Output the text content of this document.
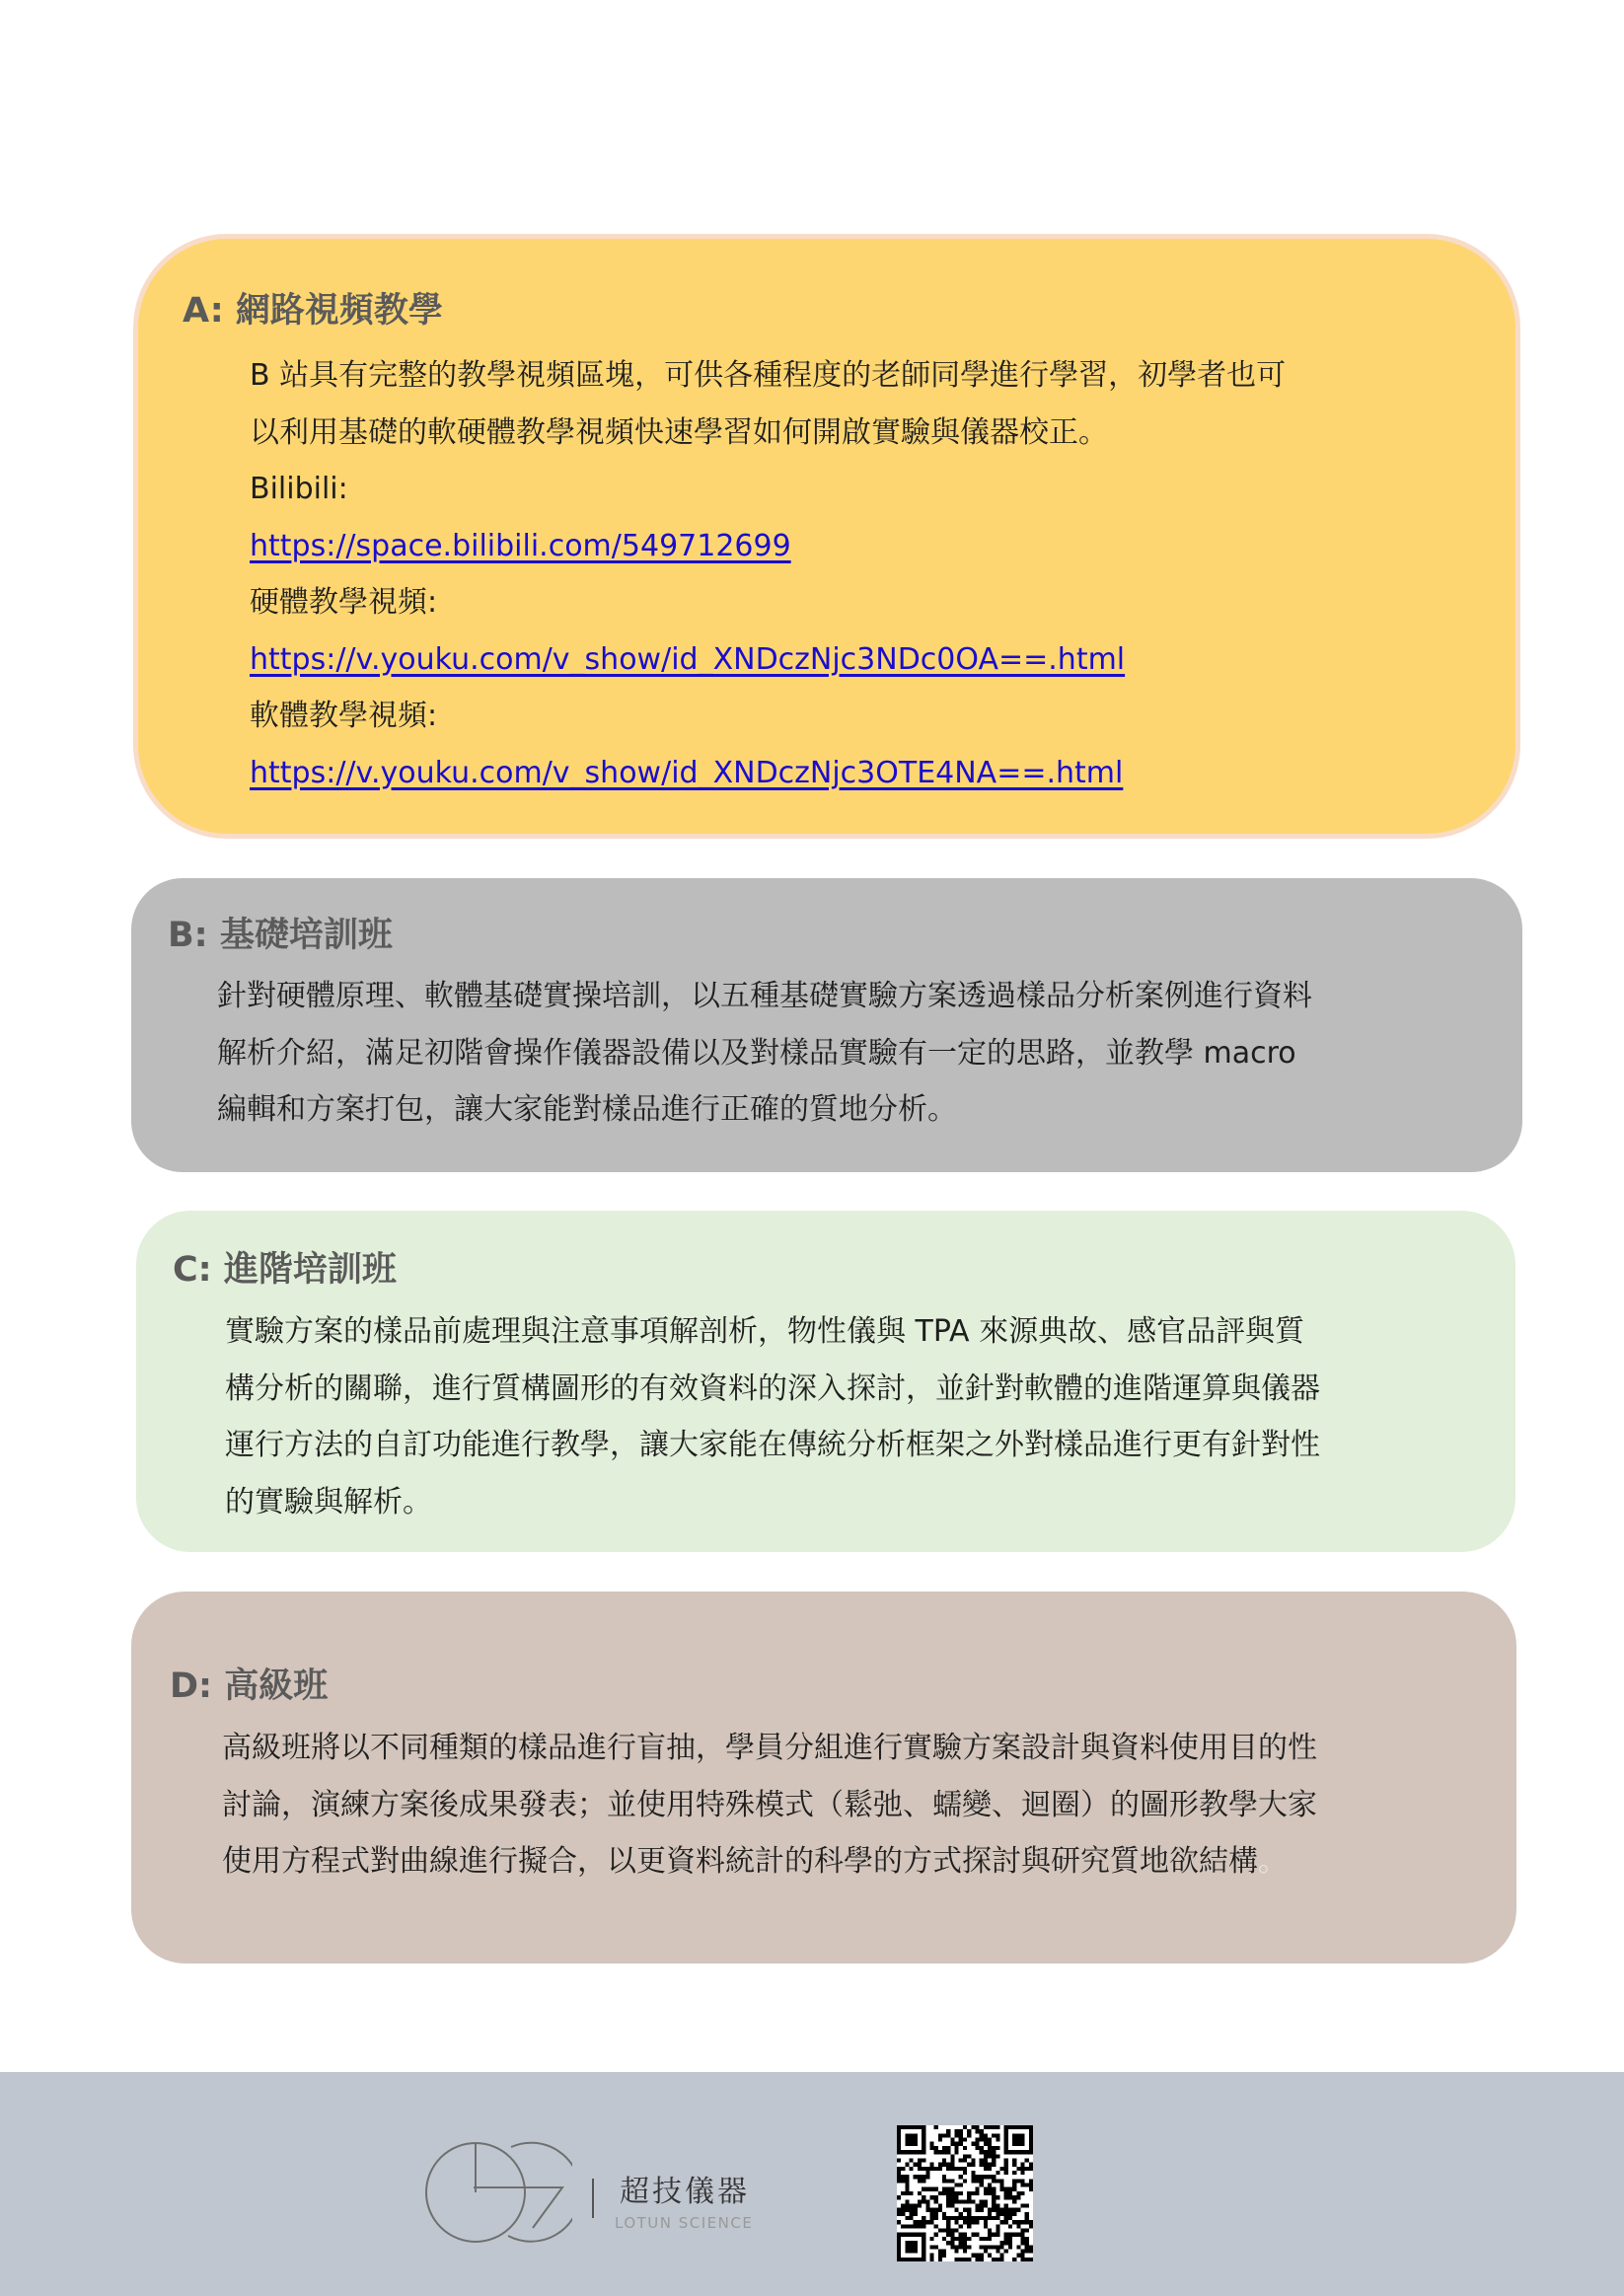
A: 網路視頻教學
B 站具有完整的教學視頻區塊，可供各種程度的老師同學進行學習，初學者也可
以利用基礎的軟硬體教學視頻快速學習如何開啟實驗與儀器校正。
Bilibili:
https://space.bilibili.com/549712699
硬體教學視頻:
https://v.youku.com/v_show/id_XNDczNjc3NDc0OA==.html
軟體教學視頻:
https://v.youku.com/v_show/id_XNDczNjc3OTE4NA==.html
B: 基礎培訓班
針對硬體原理、軟體基礎實操培訓，以五種基礎實驗方案透過樣品分析案例進行資料
解析介紹，滿足初階會操作儀器設備以及對樣品實驗有一定的思路，並教學 macro
編輯和方案打包，讓大家能對樣品進行正確的質地分析。
C: 進階培訓班
實驗方案的樣品前處理與注意事項解剖析，物性儀與 TPA 來源典故、感官品評與質
構分析的關聯，進行質構圖形的有效資料的深入探討，並針對軟體的進階運算與儀器
運行方法的自訂功能進行教學，讓大家能在傳統分析框架之外對樣品進行更有針對性
的實驗與解析。
D: 高級班
高級班將以不同種類的樣品進行盲抽，學員分組進行實驗方案設計與資料使用目的性
討論，演練方案後成果發表；並使用特殊模式（鬆弛、蠕變、迴圈）的圖形教學大家
使用方程式對曲線進行擬合，以更資料統計的科學的方式探討與研究質地欲結構。
超技儀器
LOTUN SCIENCE
